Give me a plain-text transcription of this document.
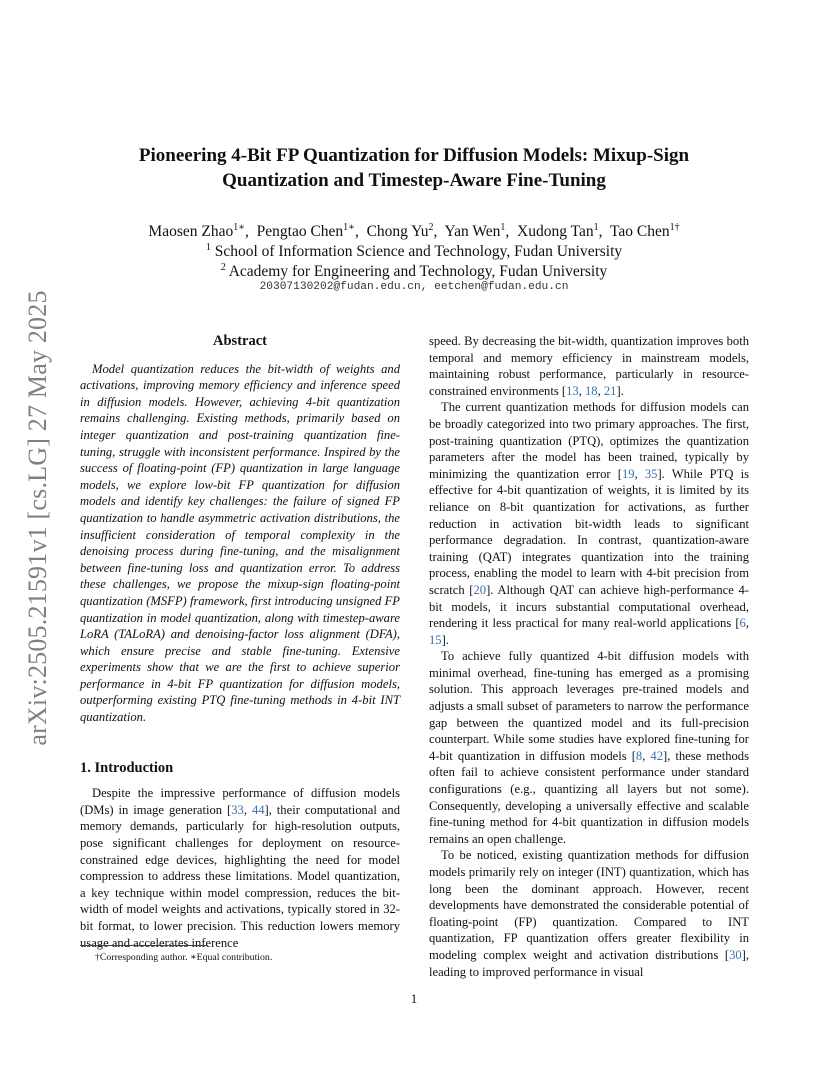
arXiv:2505.21591v1 [cs.LG] 27 May 2025
Pioneering 4-Bit FP Quantization for Diffusion Models: Mixup-Sign
Quantization and Timestep-Aware Fine-Tuning
Maosen Zhao$^{1∗}$,  Pengtao Chen$^{1∗}$,  Chong Yu$^2$,  Yan Wen$^1$,  Xudong Tan$^1$,  Tao Chen$^{1\dagger}$
$^1$ School of Information Science and Technology, Fudan University
$^2$ Academy for Engineering and Technology, Fudan University
20307130202@fudan.edu.cn, eetchen@fudan.edu.cn
Abstract

Model quantization reduces the bit-width of weights and activations, improving memory efficiency and inference speed in diffusion models. However, achieving 4-bit quantization remains challenging. Existing methods, primarily based on integer quantization and post-training quantization fine-tuning, struggle with inconsistent performance. Inspired by the success of floating-point (FP) quantization in large language models, we explore low-bit FP quantization for diffusion models and identify key challenges: the failure of signed FP quantization to handle asymmetric activation distributions, the insufficient consideration of temporal complexity in the denoising process during fine-tuning, and the misalignment between fine-tuning loss and quantization error. To address these challenges, we propose the mixup-sign floating-point quantization (MSFP) framework, first introducing unsigned FP quantization in model quantization, along with timestep-aware LoRA (TALoRA) and denoising-factor loss alignment (DFA), which ensure precise and stable fine-tuning. Extensive experiments show that we are the first to achieve superior performance in 4-bit FP quantization for diffusion models, outperforming existing PTQ fine-tuning methods in 4-bit INT quantization.

1. Introduction

Despite the impressive performance of diffusion models (DMs) in image generation [33, 44], their computational and memory demands, particularly for high-resolution outputs, pose significant challenges for deployment on resource-constrained edge devices, highlighting the need for model compression to address these limitations. Model quantization, a key technique within model compression, reduces the bit-width of model weights and activations, typically stored in 32-bit format, to lower precision. This reduction lowers memory usage and accelerates inference

speed. By decreasing the bit-width, quantization improves both temporal and memory efficiency in mainstream models, maintaining robust performance, particularly in resource-constrained environments [13, 18, 21].

The current quantization methods for diffusion models can be broadly categorized into two primary approaches. The first, post-training quantization (PTQ), optimizes the quantization parameters after the model has been trained, typically by minimizing the quantization error [19, 35]. While PTQ is effective for 4-bit quantization of weights, it is limited by its reliance on 8-bit quantization for activations, as further reduction in activation bit-width leads to significant performance degradation. In contrast, quantization-aware training (QAT) integrates quantization into the training process, enabling the model to learn with 4-bit precision from scratch [20]. Although QAT can achieve high-performance 4-bit models, it incurs substantial computational overhead, rendering it less practical for many real-world applications [6, 15].

To achieve fully quantized 4-bit diffusion models with minimal overhead, fine-tuning has emerged as a promising solution. This approach leverages pre-trained models and adjusts a small subset of parameters to narrow the performance gap between the quantized model and its full-precision counterpart. While some studies have explored fine-tuning for 4-bit quantization in diffusion models [8, 42], these methods often fail to achieve consistent performance under standard configurations (e.g., quantizing all layers but not some). Consequently, developing a universally effective and scalable fine-tuning method for 4-bit quantization in diffusion models remains an open challenge.

To be noticed, existing quantization methods for diffusion models primarily rely on integer (INT) quantization, which has long been the dominant approach. However, recent developments have demonstrated the considerable potential of floating-point (FP) quantization. Compared to INT quantization, FP quantization offers greater flexibility in modeling complex weight and activation distributions [30], leading to improved performance in visual

†Corresponding author. ∗Equal contribution.
1
